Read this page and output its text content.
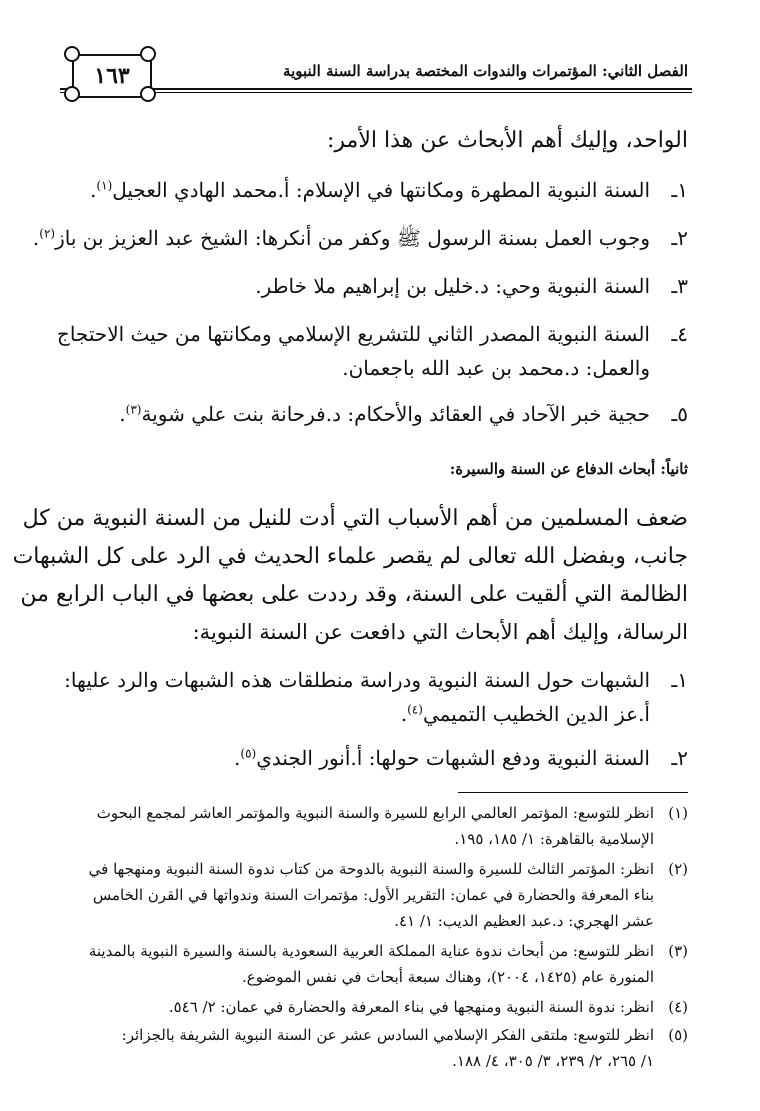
الفصل الثاني: المؤتمرات والندوات المختصة بدراسة السنة النبوية
١٦٣
الواحد، وإليك أهم الأبحاث عن هذا الأمر:
١ـالسنة النبوية المطهرة ومكانتها في الإسلام: أ.محمد الهادي العجيل$^{(١)}$.
٢ـوجوب العمل بسنة الرسول ﷺ وكفر من أنكرها: الشيخ عبد العزيز بن باز$^{(٢)}$.
٣ـالسنة النبوية وحي: د.خليل بن إبراهيم ملا خاطر.
٤ـالسنة النبوية المصدر الثاني للتشريع الإسلامي ومكانتها من حيث الاحتجاج
والعمل: د.محمد بن عبد الله باجعمان.
٥ـحجية خبر الآحاد في العقائد والأحكام: د.فرحانة بنت علي شوية$^{(٣)}$.
ثانياً: أبحاث الدفاع عن السنة والسيرة:
ضعف المسلمين من أهم الأسباب التي أدت للنيل من السنة النبوية من كل
جانب، وبفضل الله تعالى لم يقصر علماء الحديث في الرد على كل الشبهات
الظالمة التي ألقيت على السنة، وقد رددت على بعضها في الباب الرابع من
الرسالة، وإليك أهم الأبحاث التي دافعت عن السنة النبوية:
١ـالشبهات حول السنة النبوية ودراسة منطلقات هذه الشبهات والرد عليها:
أ.عز الدين الخطيب التميمي$^{(٤)}$.
٢ـالسنة النبوية ودفع الشبهات حولها: أ.أنور الجندي$^{(٥)}$.
(١)انظر للتوسع: المؤتمر العالمي الرابع للسيرة والسنة النبوية والمؤتمر العاشر لمجمع البحوث
الإسلامية بالقاهرة: ١/ ١٨٥، ١٩٥.
(٢)انظر: المؤتمر الثالث للسيرة والسنة النبوية بالدوحة من كتاب ندوة السنة النبوية ومنهجها في
بناء المعرفة والحضارة في عمان: التقرير الأول: مؤتمرات السنة وندواتها في القرن الخامس
عشر الهجري: د.عبد العظيم الديب: ١/ ٤١.
(٣)انظر للتوسع: من أبحاث ندوة عناية المملكة العربية السعودية بالسنة والسيرة النبوية بالمدينة
المنورة عام (١٤٢٥، ٢٠٠٤)، وهناك سبعة أبحاث في نفس الموضوع.
(٤)انظر: ندوة السنة النبوية ومنهجها في بناء المعرفة والحضارة في عمان: ٢/ ٥٤٦.
(٥)انظر للتوسع: ملتقى الفكر الإسلامي السادس عشر عن السنة النبوية الشريفة بالجزائر:
١/ ٢٦٥، ٢/ ٢٣٩، ٣/ ٣٠٥، ٤/ ١٨٨.
